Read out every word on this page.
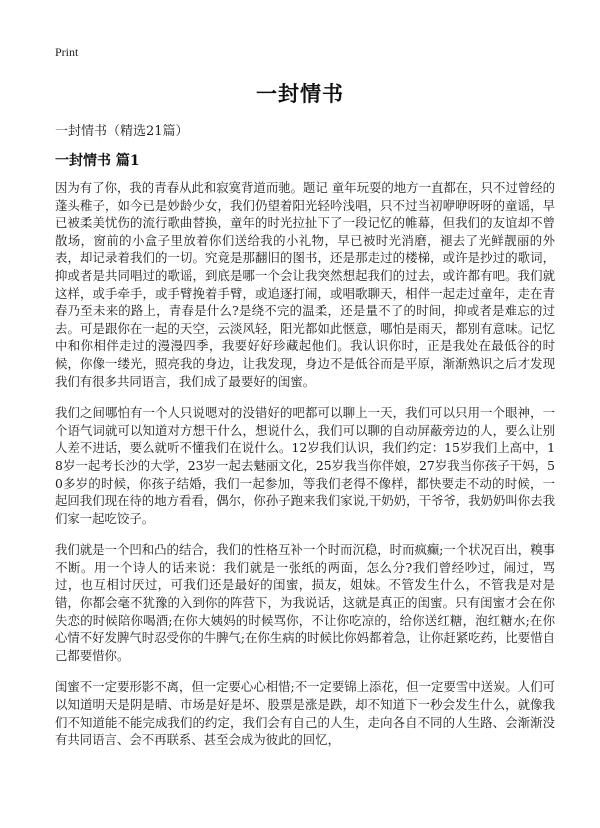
Print
一封情书
一封情书（精选21篇）
一封情书 篇1

因为有了你，我的青春从此和寂寞背道而驰。题记 童年玩耍的地方一直都在，只不过曾经的蓬头稚子，如今已是妙龄少女，我们仍望着阳光轻吟浅唱，只不过当初咿咿呀呀的童谣，早已被柔美忧伤的流行歌曲替换，童年的时光拉扯下了一段记忆的帷幕，但我们的友谊却不曾散场，窗前的小盒子里放着你们送给我的小礼物，早已被时光消磨，褪去了光鲜靓丽的外表，却记录着我们的一切。究竟是那翻旧的图书，还是那走过的楼梯，或许是抄过的歌词，抑或者是共同唱过的歌谣，到底是哪一个会让我突然想起我们的过去，或许都有吧。我们就这样，或手牵手，或手臂挽着手臂，或追逐打闹，或唱歌聊天，相伴一起走过童年，走在青春乃至未来的路上，青春是什么?是绕不完的温柔，还是量不了的时间，抑或者是难忘的过去。可是跟你在一起的天空，云淡风轻，阳光都如此惬意，哪怕是雨天，都别有意味。记忆中和你相伴走过的漫漫四季，我要好好珍藏起他们。我认识你时，正是我处在最低谷的时候，你像一缕光，照亮我的身边，让我发现，身边不是低谷而是平原，渐渐熟识之后才发现我们有很多共同语言，我们成了最要好的闺蜜。

我们之间哪怕有一个人只说嗯对的没错好的吧都可以聊上一天，我们可以只用一个眼神，一个语气词就可以知道对方想干什么，想说什么，我们可以聊的自动屏蔽旁边的人，要么让别人差不进话，要么就听不懂我们在说什么。12岁我们认识，我们约定：15岁我们上高中，18岁一起考长沙的大学，23岁一起去魅丽文化，25岁我当你伴娘，27岁我当你孩子干妈，50多岁的时候，你孩子结婚，我们一起参加，等我们老得不像样，都快要走不动的时候，一起回我们现在待的地方看看，偶尔，你孙子跑来我们家说,干奶奶，干爷爷，我奶奶叫你去我们家一起吃饺子。

我们就是一个凹和凸的结合，我们的性格互补一个时而沉稳，时而疯癫;一个状况百出，糗事不断。用一个诗人的话来说：我们就是一张纸的两面，怎么分?我们曾经吵过，闹过，骂过，也互相讨厌过，可我们还是最好的闺蜜，损友，姐妹。不管发生什么，不管我是对是错，你都会毫不犹豫的入到你的阵营下，为我说话，这就是真正的闺蜜。只有闺蜜才会在你失恋的时候陪你喝酒;在你大姨妈的时候骂你，不让你吃凉的，给你送红糖，泡红糖水;在你心情不好发脾气时忍受你的牛脾气;在你生病的时候比你妈都着急，让你赶紧吃药，比要惜自己都要惜你。

闺蜜不一定要形影不离，但一定要心心相惜;不一定要锦上添花，但一定要雪中送炭。人们可以知道明天是阴是晴、市场是好是坏、股票是涨是跌，却不知道下一秒会发生什么，就像我们不知道能不能完成我们的约定，我们会有自己的人生，走向各自不同的人生路、会渐渐没有共同语言、会不再联系、甚至会成为彼此的回忆，
